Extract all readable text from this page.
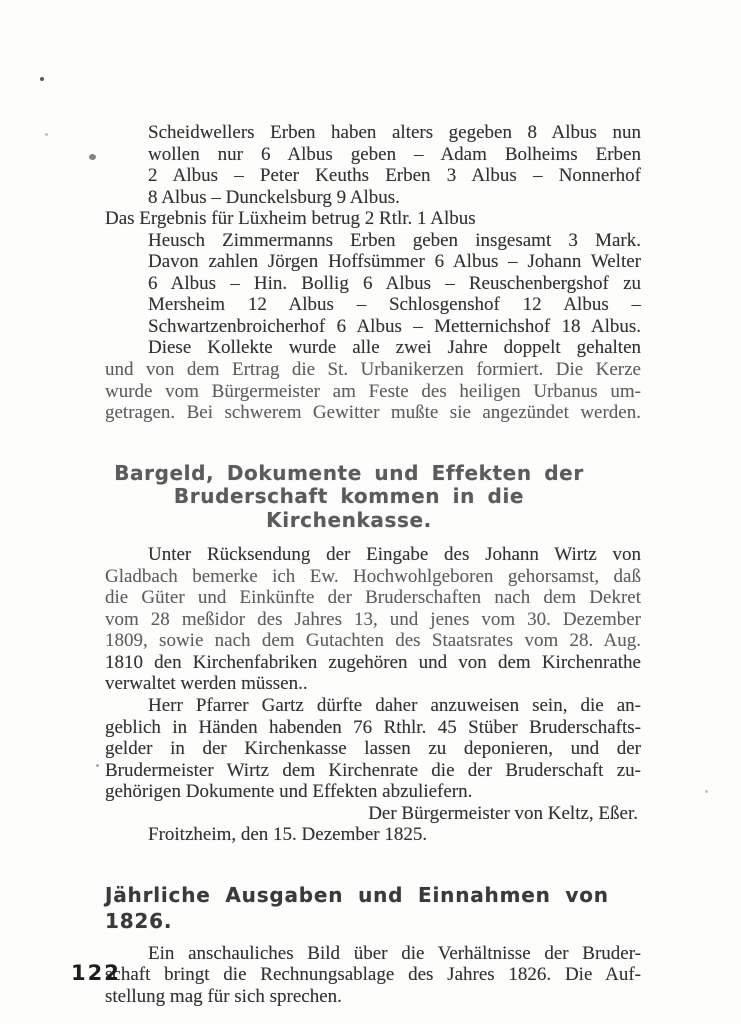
Scheidwellers Erben haben alters gegeben 8 Albus nun
wollen nur 6 Albus geben – Adam Bolheims Erben
2 Albus – Peter Keuths Erben 3 Albus – Nonnerhof
8 Albus – Dunckelsburg 9 Albus.
Das Ergebnis für Lüxheim betrug 2 Rtlr. 1 Albus
Heusch Zimmermanns Erben geben insgesamt 3 Mark.
Davon zahlen Jörgen Hoffsümmer 6 Albus – Johann Welter
6 Albus – Hin. Bollig 6 Albus – Reuschenbergshof zu
Mersheim 12 Albus – Schlosgenshof 12 Albus –
Schwartzenbroicherhof 6 Albus – Metternichshof 18 Albus.
Diese Kollekte wurde alle zwei Jahre doppelt gehalten
und von dem Ertrag die St. Urbanikerzen formiert. Die Kerze
wurde vom Bürgermeister am Feste des heiligen Urbanus um-
getragen. Bei schwerem Gewitter mußte sie angezündet werden.
Bargeld, Dokumente und Effekten der
Bruderschaft kommen in die Kirchenkasse.
Unter Rücksendung der Eingabe des Johann Wirtz von
Gladbach bemerke ich Ew. Hochwohlgeboren gehorsamst, daß
die Güter und Einkünfte der Bruderschaften nach dem Dekret
vom 28 meßidor des Jahres 13, und jenes vom 30. Dezember
1809, sowie nach dem Gutachten des Staatsrates vom 28. Aug.
1810 den Kirchenfabriken zugehören und von dem Kirchenrathe
verwaltet werden müssen..
Herr Pfarrer Gartz dürfte daher anzuweisen sein, die an-
geblich in Händen habenden 76 Rthlr. 45 Stüber Bruderschafts-
gelder in der Kirchenkasse lassen zu deponieren, und der
Brudermeister Wirtz dem Kirchenrate die der Bruderschaft zu-
gehörigen Dokumente und Effekten abzuliefern.
Der Bürgermeister von Keltz, Eßer.
Froitzheim, den 15. Dezember 1825.
Jährliche Ausgaben und Einnahmen von 1826.
Ein anschauliches Bild über die Verhältnisse der Bruder-
schaft bringt die Rechnungsablage des Jahres 1826. Die Auf-
stellung mag für sich sprechen.
122
